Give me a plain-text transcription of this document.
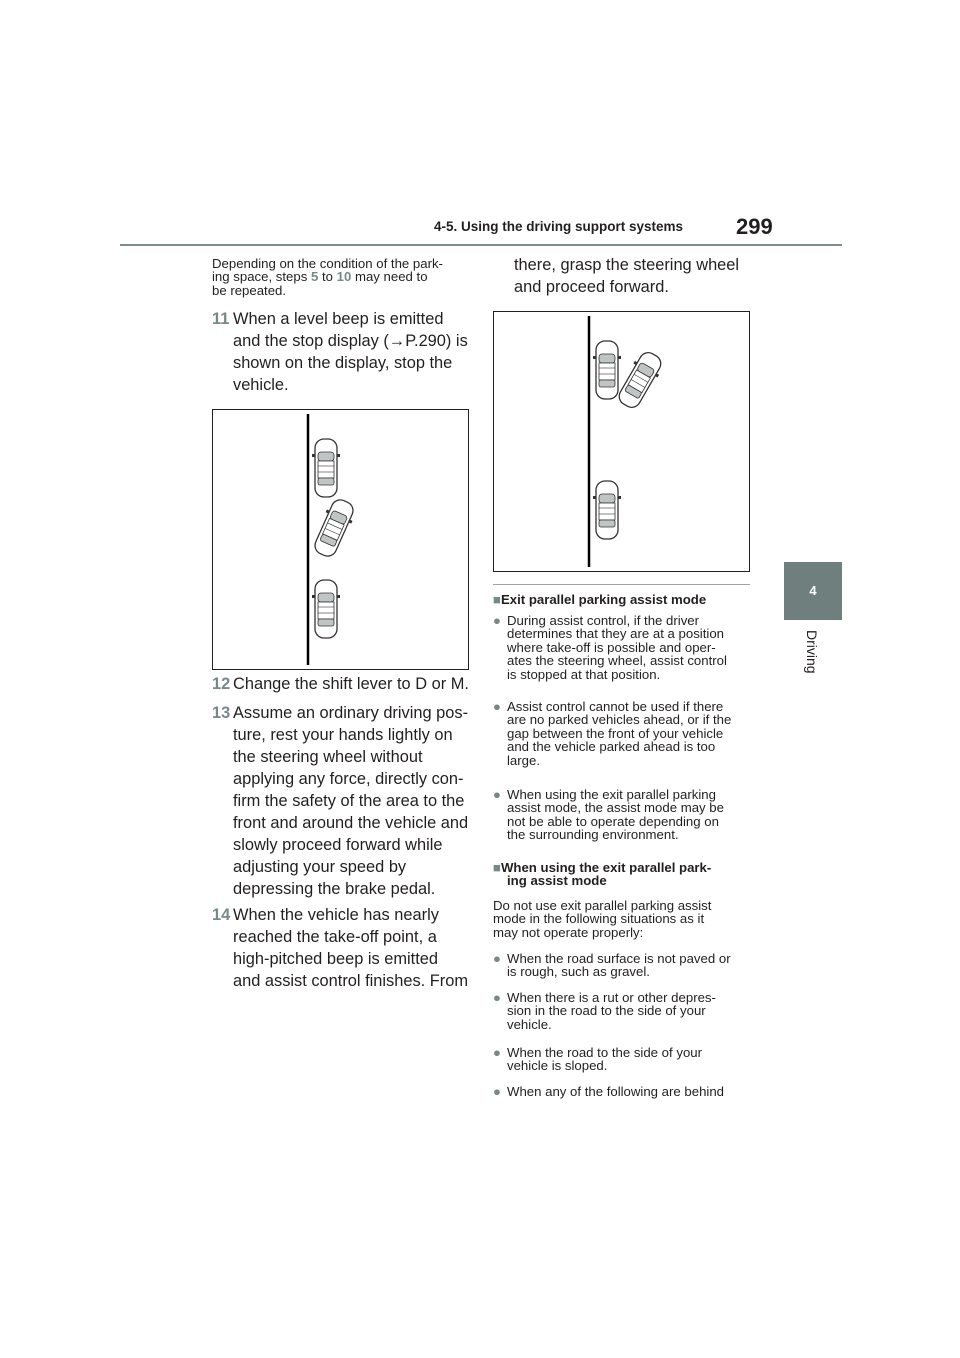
4-5. Using the driving support systems 299
4
Driving
Depending on the condition of the park-
ing space, steps 5 to 10 may need to
be repeated.
11 When a level beep is emitted
and the stop display (→P.290) is
shown on the display, stop the
vehicle.
12 Change the shift lever to D or M.
13 Assume an ordinary driving pos-
ture, rest your hands lightly on
the steering wheel without
applying any force, directly con-
firm the safety of the area to the
front and around the vehicle and
slowly proceed forward while
adjusting your speed by
depressing the brake pedal.
14 When the vehicle has nearly
reached the take-off point, a
high-pitched beep is emitted
and assist control finishes. From
there, grasp the steering wheel
and proceed forward.
■Exit parallel parking assist mode
● During assist control, if the driver
determines that they are at a position
where take-off is possible and oper-
ates the steering wheel, assist control
is stopped at that position.
● Assist control cannot be used if there
are no parked vehicles ahead, or if the
gap between the front of your vehicle
and the vehicle parked ahead is too
large.
● When using the exit parallel parking
assist mode, the assist mode may be
not be able to operate depending on
the surrounding environment.
■When using the exit parallel park-
ing assist mode
Do not use exit parallel parking assist
mode in the following situations as it
may not operate properly:
● When the road surface is not paved or
is rough, such as gravel.
● When there is a rut or other depres-
sion in the road to the side of your
vehicle.
● When the road to the side of your
vehicle is sloped.
● When any of the following are behind
